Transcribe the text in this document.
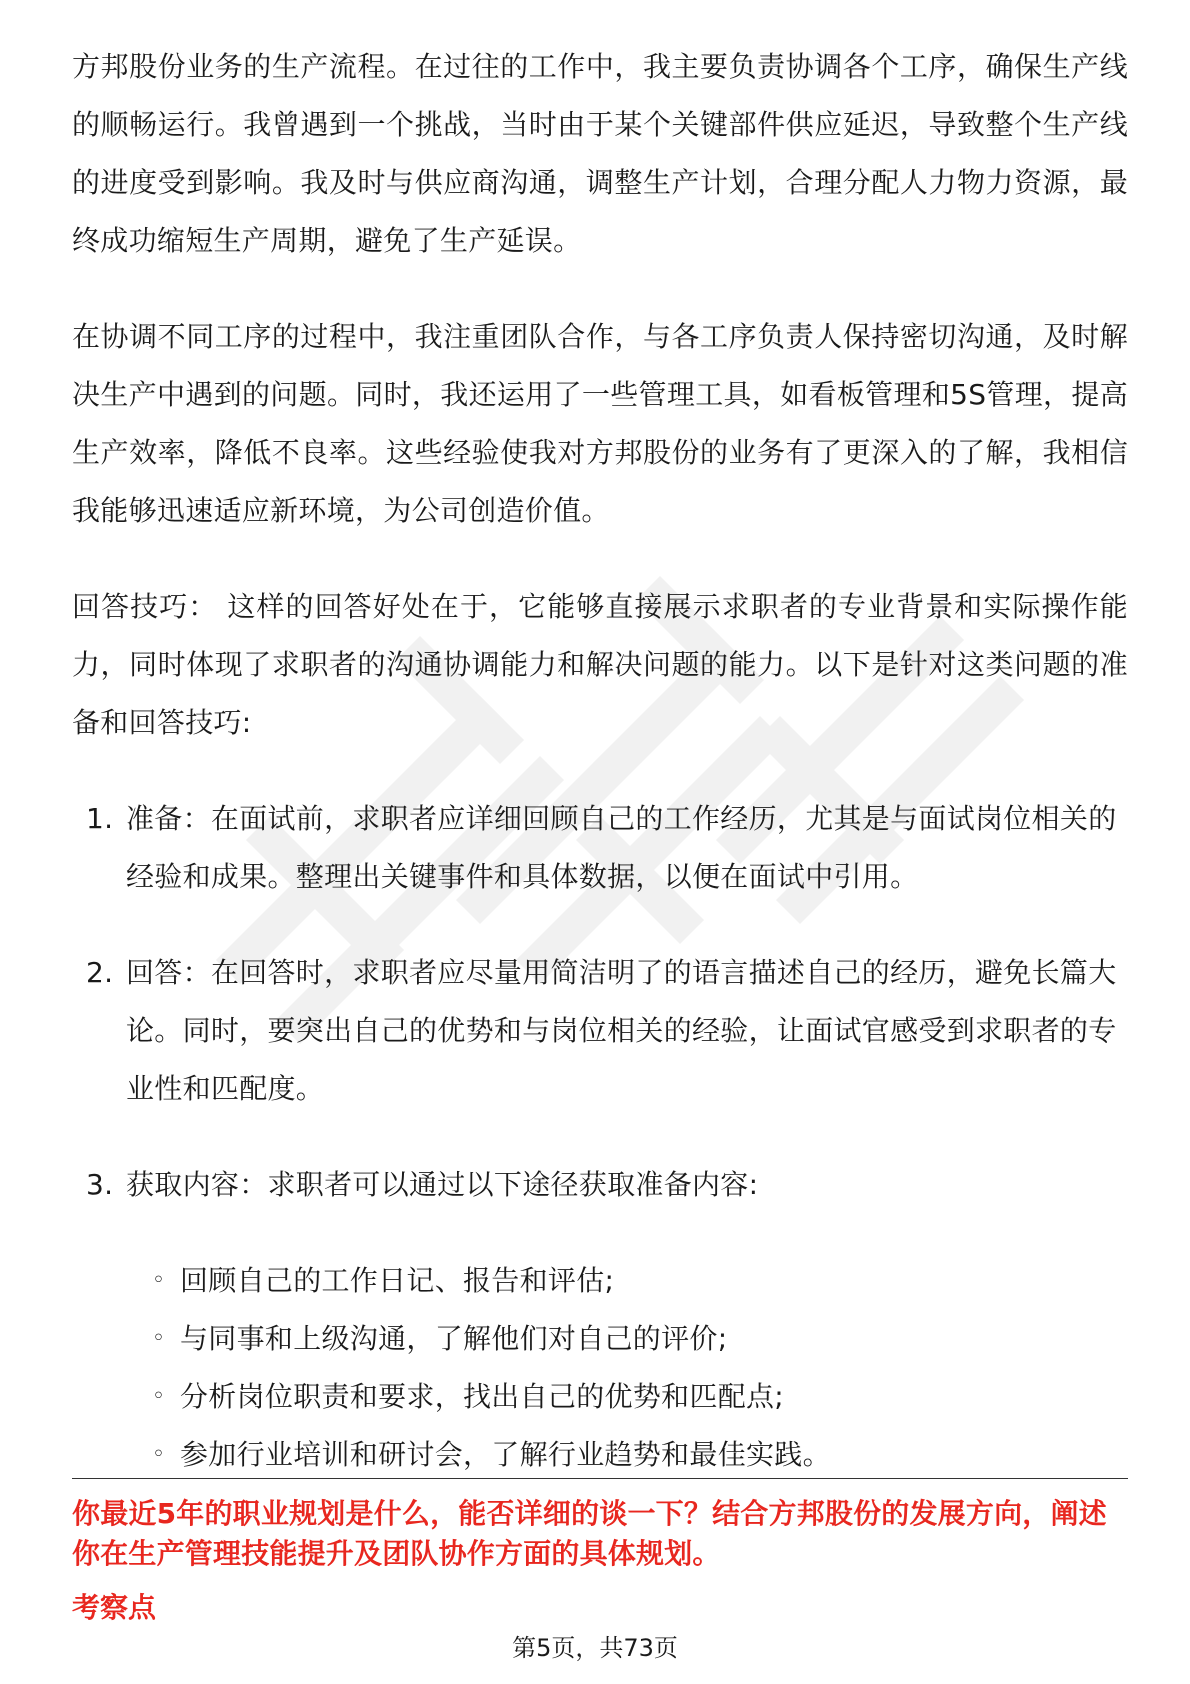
方邦股份业务的生产流程。在过往的工作中，我主要负责协调各个工序，确保生产线的顺畅运行。我曾遇到一个挑战，当时由于某个关键部件供应延迟，导致整个生产线的进度受到影响。我及时与供应商沟通，调整生产计划，合理分配人力物力资源，最终成功缩短生产周期，避免了生产延误。

在协调不同工序的过程中，我注重团队合作，与各工序负责人保持密切沟通，及时解决生产中遇到的问题。同时，我还运用了一些管理工具，如看板管理和5S管理，提高生产效率，降低不良率。这些经验使我对方邦股份的业务有了更深入的了解，我相信我能够迅速适应新环境，为公司创造价值。

回答技巧： 这样的回答好处在于，它能够直接展示求职者的专业背景和实际操作能力，同时体现了求职者的沟通协调能力和解决问题的能力。以下是针对这类问题的准备和回答技巧:

1. 准备：在面试前，求职者应详细回顾自己的工作经历，尤其是与面试岗位相关的经验和成果。整理出关键事件和具体数据，以便在面试中引用。
2. 回答：在回答时，求职者应尽量用简洁明了的语言描述自己的经历，避免长篇大论。同时，要突出自己的优势和与岗位相关的经验，让面试官感受到求职者的专业性和匹配度。
3. 获取内容：求职者可以通过以下途径获取准备内容:
◦ 回顾自己的工作日记、报告和评估;
◦ 与同事和上级沟通，了解他们对自己的评价;
◦ 分析岗位职责和要求，找出自己的优势和匹配点;
◦ 参加行业培训和研讨会，了解行业趋势和最佳实践。
你最近5年的职业规划是什么，能否详细的谈一下？结合方邦股份的发展方向，阐述你在生产管理技能提升及团队协作方面的具体规划。
考察点
第5页，共73页
